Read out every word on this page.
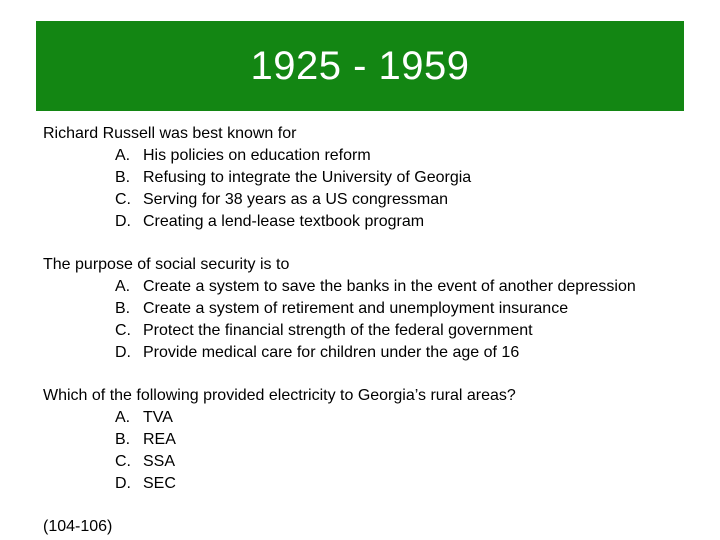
1925 - 1959
Richard Russell was best known for
A. His policies on education reform
B. Refusing to integrate the University of Georgia
C. Serving for 38 years as a US congressman
D. Creating a lend-lease textbook program
The purpose of social security is to
A. Create a system to save the banks in the event of another depression
B. Create a system of retirement and unemployment insurance
C. Protect the financial strength of the federal government
D. Provide medical care for children under the age of 16
Which of the following provided electricity to Georgia’s rural areas?
A. TVA
B. REA
C. SSA
D. SEC
(104-106)
